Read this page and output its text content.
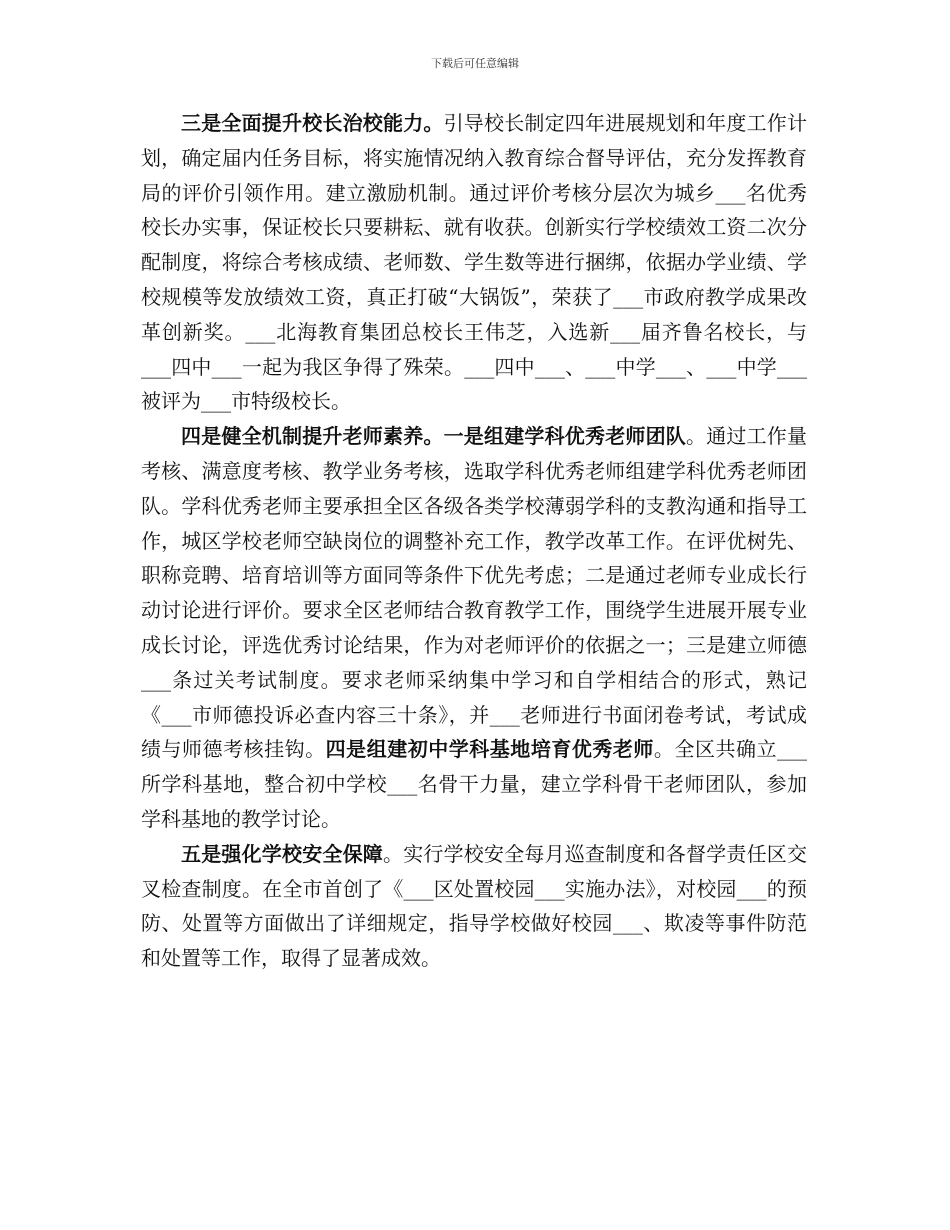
下载后可任意编辑

三是全面提升校长治校能力。引导校长制定四年进展规划和年度工作计划，确定届内任务目标，将实施情况纳入教育综合督导评估，充分发挥教育局的评价引领作用。建立激励机制。通过评价考核分层次为城乡___名优秀校长办实事，保证校长只要耕耘、就有收获。创新实行学校绩效工资二次分配制度，将综合考核成绩、老师数、学生数等进行捆绑，依据办学业绩、学校规模等发放绩效工资，真正打破“大锅饭”，荣获了___市政府教学成果改革创新奖。___北海教育集团总校长王伟芝，入选新___届齐鲁名校长，与___四中___一起为我区争得了殊荣。___四中___、___中学___、___中学___被评为___市特级校长。

四是健全机制提升老师素养。一是组建学科优秀老师团队。通过工作量考核、满意度考核、教学业务考核，选取学科优秀老师组建学科优秀老师团队。学科优秀老师主要承担全区各级各类学校薄弱学科的支教沟通和指导工作，城区学校老师空缺岗位的调整补充工作，教学改革工作。在评优树先、职称竞聘、培育培训等方面同等条件下优先考虑；二是通过老师专业成长行动讨论进行评价。要求全区老师结合教育教学工作，围绕学生进展开展专业成长讨论，评选优秀讨论结果，作为对老师评价的依据之一；三是建立师德___条过关考试制度。要求老师采纳集中学习和自学相结合的形式，熟记《___市师德投诉必查内容三十条》，并___老师进行书面闭卷考试，考试成绩与师德考核挂钩。四是组建初中学科基地培育优秀老师。全区共确立___所学科基地，整合初中学校___名骨干力量，建立学科骨干老师团队，参加学科基地的教学讨论。

五是强化学校安全保障。实行学校安全每月巡查制度和各督学责任区交叉检查制度。在全市首创了《___区处置校园___实施办法》，对校园___的预防、处置等方面做出了详细规定，指导学校做好校园___、欺凌等事件防范和处置等工作，取得了显著成效。
